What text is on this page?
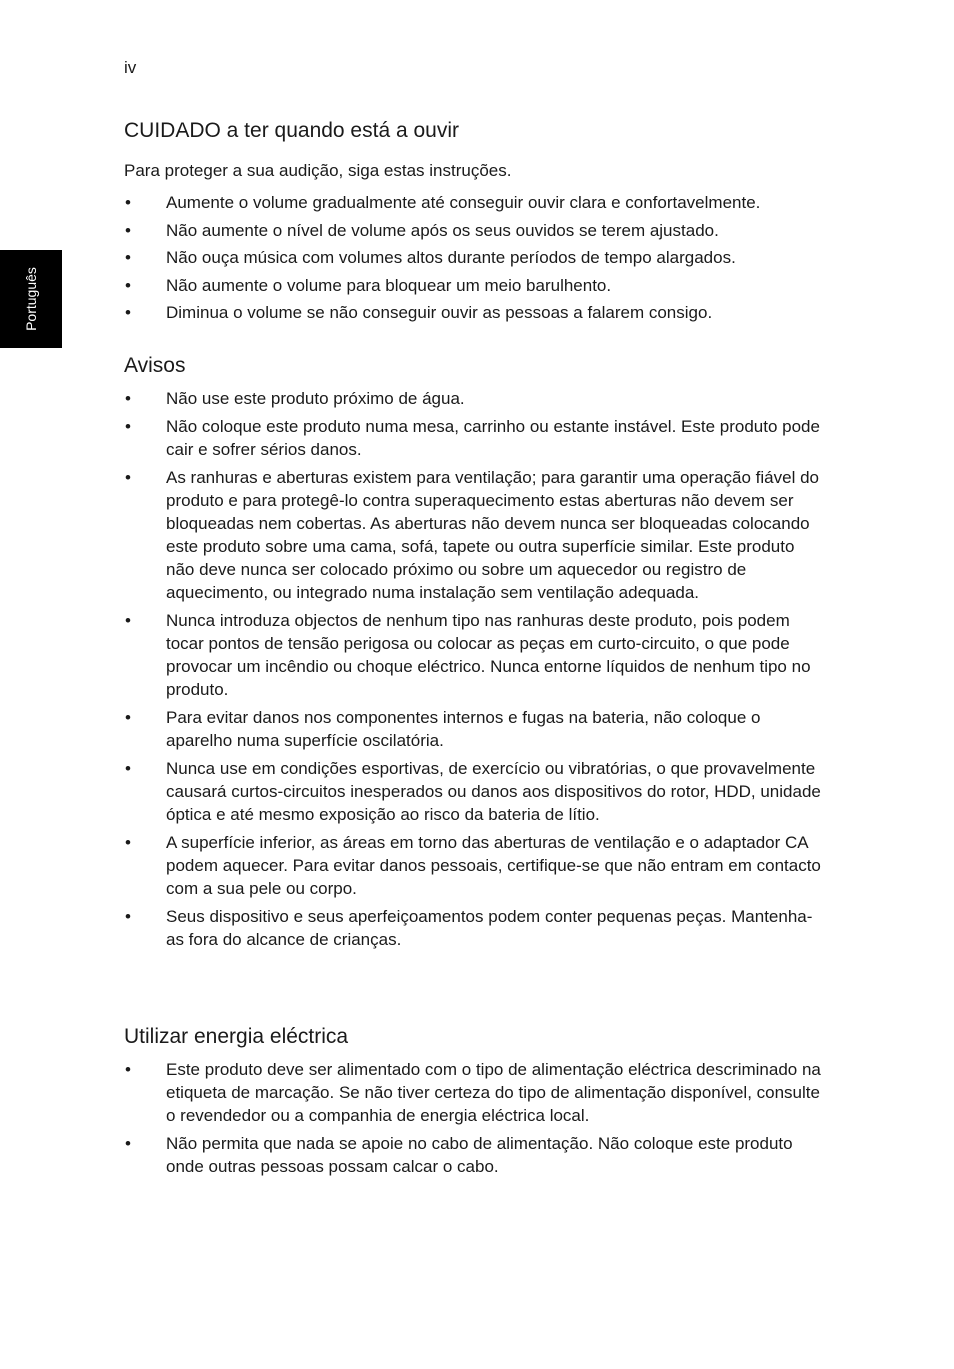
iv
Português
CUIDADO a ter quando está a ouvir

Para proteger a sua audição, siga estas instruções.

• Aumente o volume gradualmente até conseguir ouvir clara e confortavelmente.
• Não aumente o nível de volume após os seus ouvidos se terem ajustado.
• Não ouça música com volumes altos durante períodos de tempo alargados.
• Não aumente o volume para bloquear um meio barulhento.
• Diminua o volume se não conseguir ouvir as pessoas a falarem consigo.
Avisos
• Não use este produto próximo de água.
• Não coloque este produto numa mesa, carrinho ou estante instável. Este produto pode cair e sofrer sérios danos.
• As ranhuras e aberturas existem para ventilação; para garantir uma operação fiável do produto e para protegê-lo contra superaquecimento estas aberturas não devem ser bloqueadas nem cobertas. As aberturas não devem nunca ser bloqueadas colocando este produto sobre uma cama, sofá, tapete ou outra superfície similar. Este produto não deve nunca ser colocado próximo ou sobre um aquecedor ou registro de aquecimento, ou integrado numa instalação sem ventilação adequada.
• Nunca introduza objectos de nenhum tipo nas ranhuras deste produto, pois podem tocar pontos de tensão perigosa ou colocar as peças em curto-circuito, o que pode provocar um incêndio ou choque eléctrico. Nunca entorne líquidos de nenhum tipo no produto.
• Para evitar danos nos componentes internos e fugas na bateria, não coloque o aparelho numa superfície oscilatória.
• Nunca use em condições esportivas, de exercício ou vibratórias, o que provavelmente causará curtos-circuitos inesperados ou danos aos dispositivos do rotor, HDD, unidade óptica e até mesmo exposição ao risco da bateria de lítio.
• A superfície inferior, as áreas em torno das aberturas de ventilação e o adaptador CA podem aquecer. Para evitar danos pessoais, certifique-se que não entram em contacto com a sua pele ou corpo.
• Seus dispositivo e seus aperfeiçoamentos podem conter pequenas peças. Mantenha-as fora do alcance de crianças.
Utilizar energia eléctrica
• Este produto deve ser alimentado com o tipo de alimentação eléctrica descriminado na etiqueta de marcação. Se não tiver certeza do tipo de alimentação disponível, consulte o revendedor ou a companhia de energia eléctrica local.
• Não permita que nada se apoie no cabo de alimentação. Não coloque este produto onde outras pessoas possam calcar o cabo.
